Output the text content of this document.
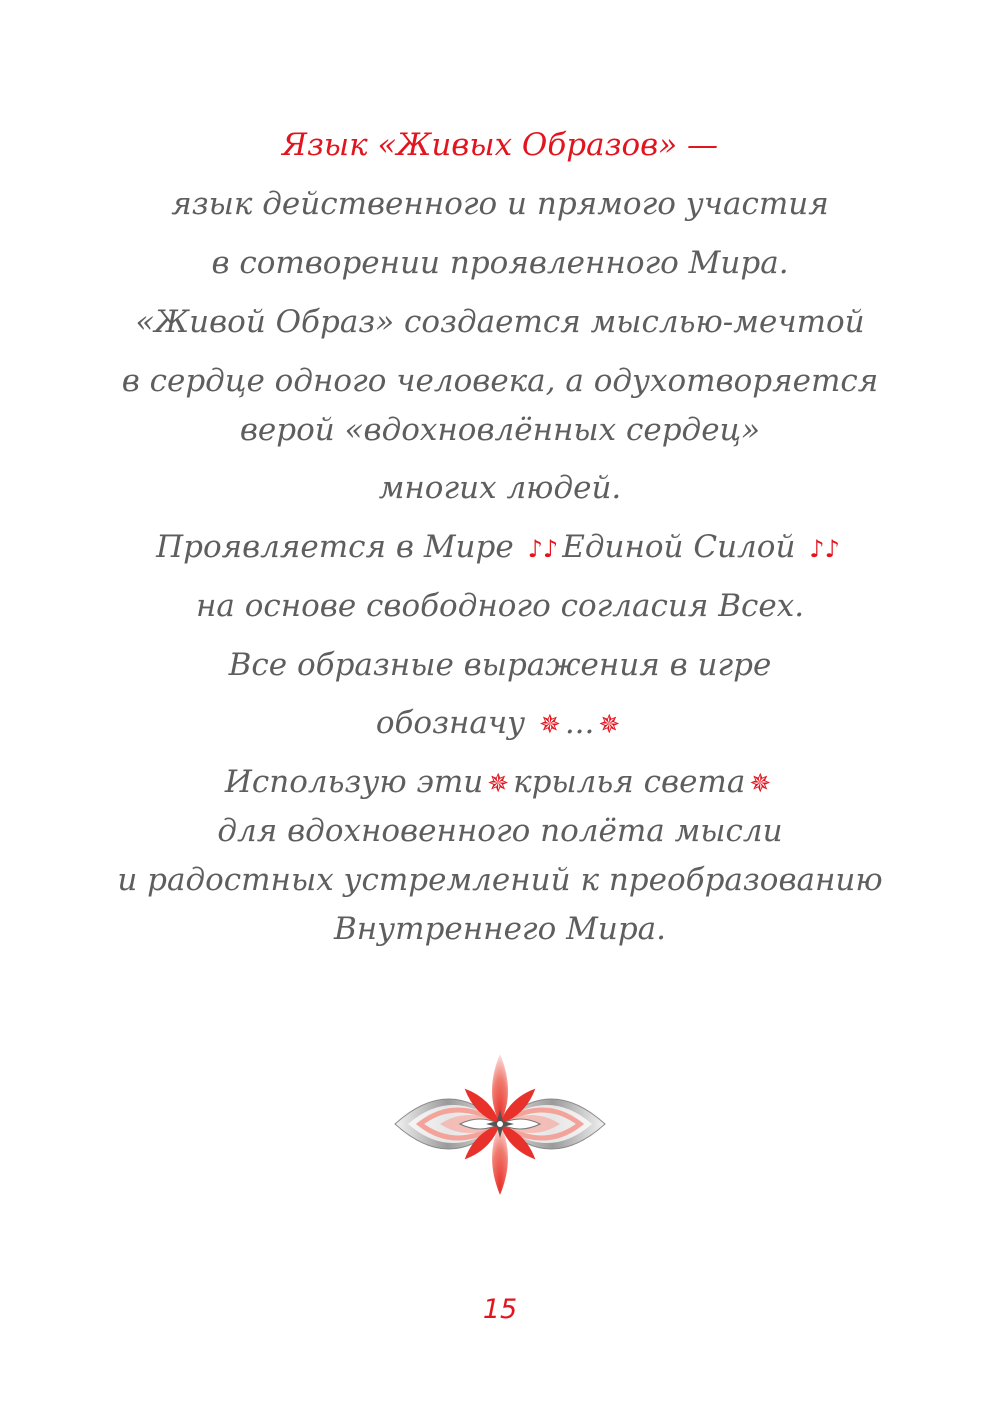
Язык «Живых Образов» —
язык действенного и прямого участия
в сотворении проявленного Мира.
«Живой Образ» создается мыслью-мечтой
в сердце одного человека, а одухотворяется
верой «вдохновлённых сердец»
многих людей.
Проявляется в Мире ♪♪ Единой Силой ♪♪
на основе свободного согласия Всех.
Все образные выражения в игре
обозначу ✵ ... ✵
Использую эти ✵ крылья света ✵
для вдохновенного полёта мысли
и радостных устремлений к преобразованию
Внутреннего Мира.
15
